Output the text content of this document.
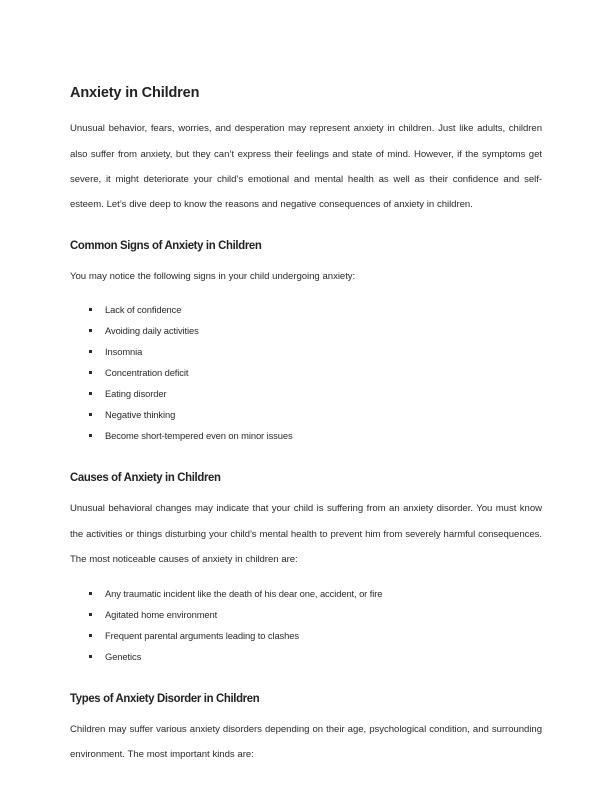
Anxiety in Children

Unusual behavior, fears, worries, and desperation may represent anxiety in children. Just like adults, children also suffer from anxiety, but they can’t express their feelings and state of mind. However, if the symptoms get severe, it might deteriorate your child’s emotional and mental health as well as their confidence and self-esteem. Let’s dive deep to know the reasons and negative consequences of anxiety in children.

Common Signs of Anxiety in Children

You may notice the following signs in your child undergoing anxiety:

Lack of confidence
Avoiding daily activities
Insomnia
Concentration deficit
Eating disorder
Negative thinking
Become short-tempered even on minor issues
Causes of Anxiety in Children

Unusual behavioral changes may indicate that your child is suffering from an anxiety disorder. You must know the activities or things disturbing your child’s mental health to prevent him from severely harmful consequences. The most noticeable causes of anxiety in children are:

Any traumatic incident like the death of his dear one, accident, or fire
Agitated home environment
Frequent parental arguments leading to clashes
Genetics
Types of Anxiety Disorder in Children

Children may suffer various anxiety disorders depending on their age, psychological condition, and surrounding environment. The most important kinds are:
